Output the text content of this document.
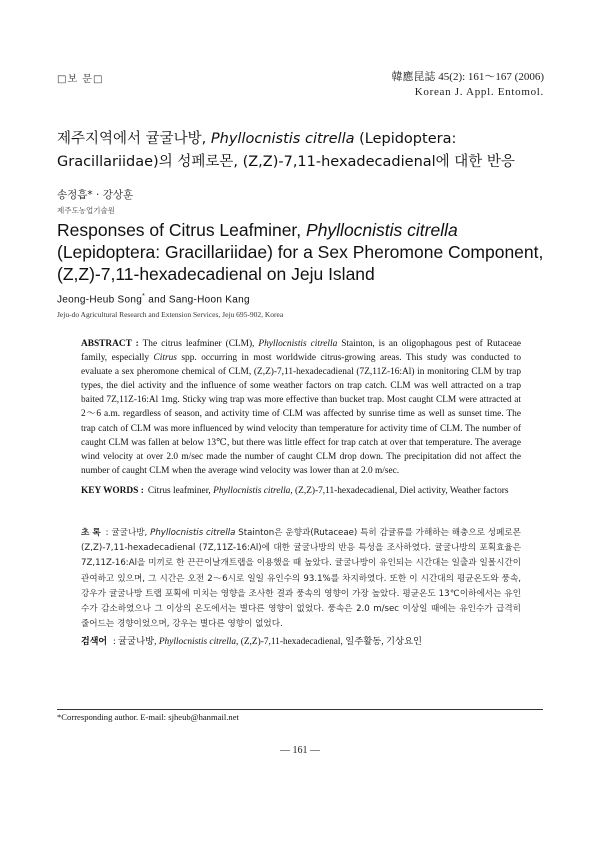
□보 문□	韓應昆誌 45(2): 161～167 (2006)
Korean J. Appl. Entomol.
제주지역에서 귤굴나방, Phyllocnistis citrella (Lepidoptera: Gracillariidae)의 성페로몬, (Z,Z)-7,11-hexadecadienal에 대한 반응
송정흡* · 강상훈
제주도농업기술원
Responses of Citrus Leafminer, Phyllocnistis citrella (Lepidoptera: Gracillariidae) for a Sex Pheromone Component, (Z,Z)-7,11-hexadecadienal on Jeju Island
Jeong-Heub Song* and Sang-Hoon Kang
Jeju-do Agricultural Research and Extension Services, Jeju 695-902, Korea
ABSTRACT : The citrus leafminer (CLM), Phyllocnistis citrella Stainton, is an oligophagous pest of Rutaceae family, especially Citrus spp. occurring in most worldwide citrus-growing areas. This study was conducted to evaluate a sex pheromone chemical of CLM, (Z,Z)-7,11-hexadecadienal (7Z,11Z-16:Al) in monitoring CLM by trap types, the diel activity and the influence of some weather factors on trap catch. CLM was well attracted on a trap baited 7Z,11Z-16:Al 1mg. Sticky wing trap was more effective than bucket trap. Most caught CLM were attracted at 2～6 a.m. regardless of season, and activity time of CLM was affected by sunrise time as well as sunset time. The trap catch of CLM was more influenced by wind velocity than temperature for activity time of CLM. The number of caught CLM was fallen at below 13℃, but there was little effect for trap catch at over that temperature. The average wind velocity at over 2.0 m/sec made the number of caught CLM drop down. The precipitation did not affect the number of caught CLM when the average wind velocity was lower than at 2.0 m/sec.
KEY WORDS : Citrus leafminer, Phyllocnistis citrella, (Z,Z)-7,11-hexadecadienal, Diel activity, Weather factors
초 록 : 귤굴나방, Phyllocnistis citrella Stainton은 운향과(Rutaceae) 특히 감귤류를 가해하는 해충으로 성페로몬 (Z,Z)-7,11-hexadecadienal (7Z,11Z-16:Al)에 대한 귤굴나방의 반응 특성을 조사하였다. 귤굴나방의 포획효율은 7Z,11Z-16:Al을 미끼로 한 끈끈이날개트랩을 이용했을 때 높았다. 귤굴나방이 유인되는 시간대는 일출과 일몰시간이 관여하고 있으며, 그 시간은 오전 2～6시로 일일 유인수의 93.1%를 차지하였다. 또한 이 시간대의 평균온도와 풍속, 강우가 귤굴나방 트랩 포획에 미치는 영향을 조사한 결과 풍속의 영향이 가장 높았다. 평균온도 13℃이하에서는 유인수가 감소하였으나 그 이상의 온도에서는 별다른 영향이 없었다. 풍속은 2.0 m/sec 이상일 때에는 유인수가 급격히 줄어드는 경향이었으며, 강우는 별다른 영향이 없었다.
검색어 : 귤굴나방, Phyllocnistis citrella, (Z,Z)-7,11-hexadecadienal, 일주활동, 기상요인
*Corresponding author. E-mail: sjheub@hanmail.net
— 161 —
